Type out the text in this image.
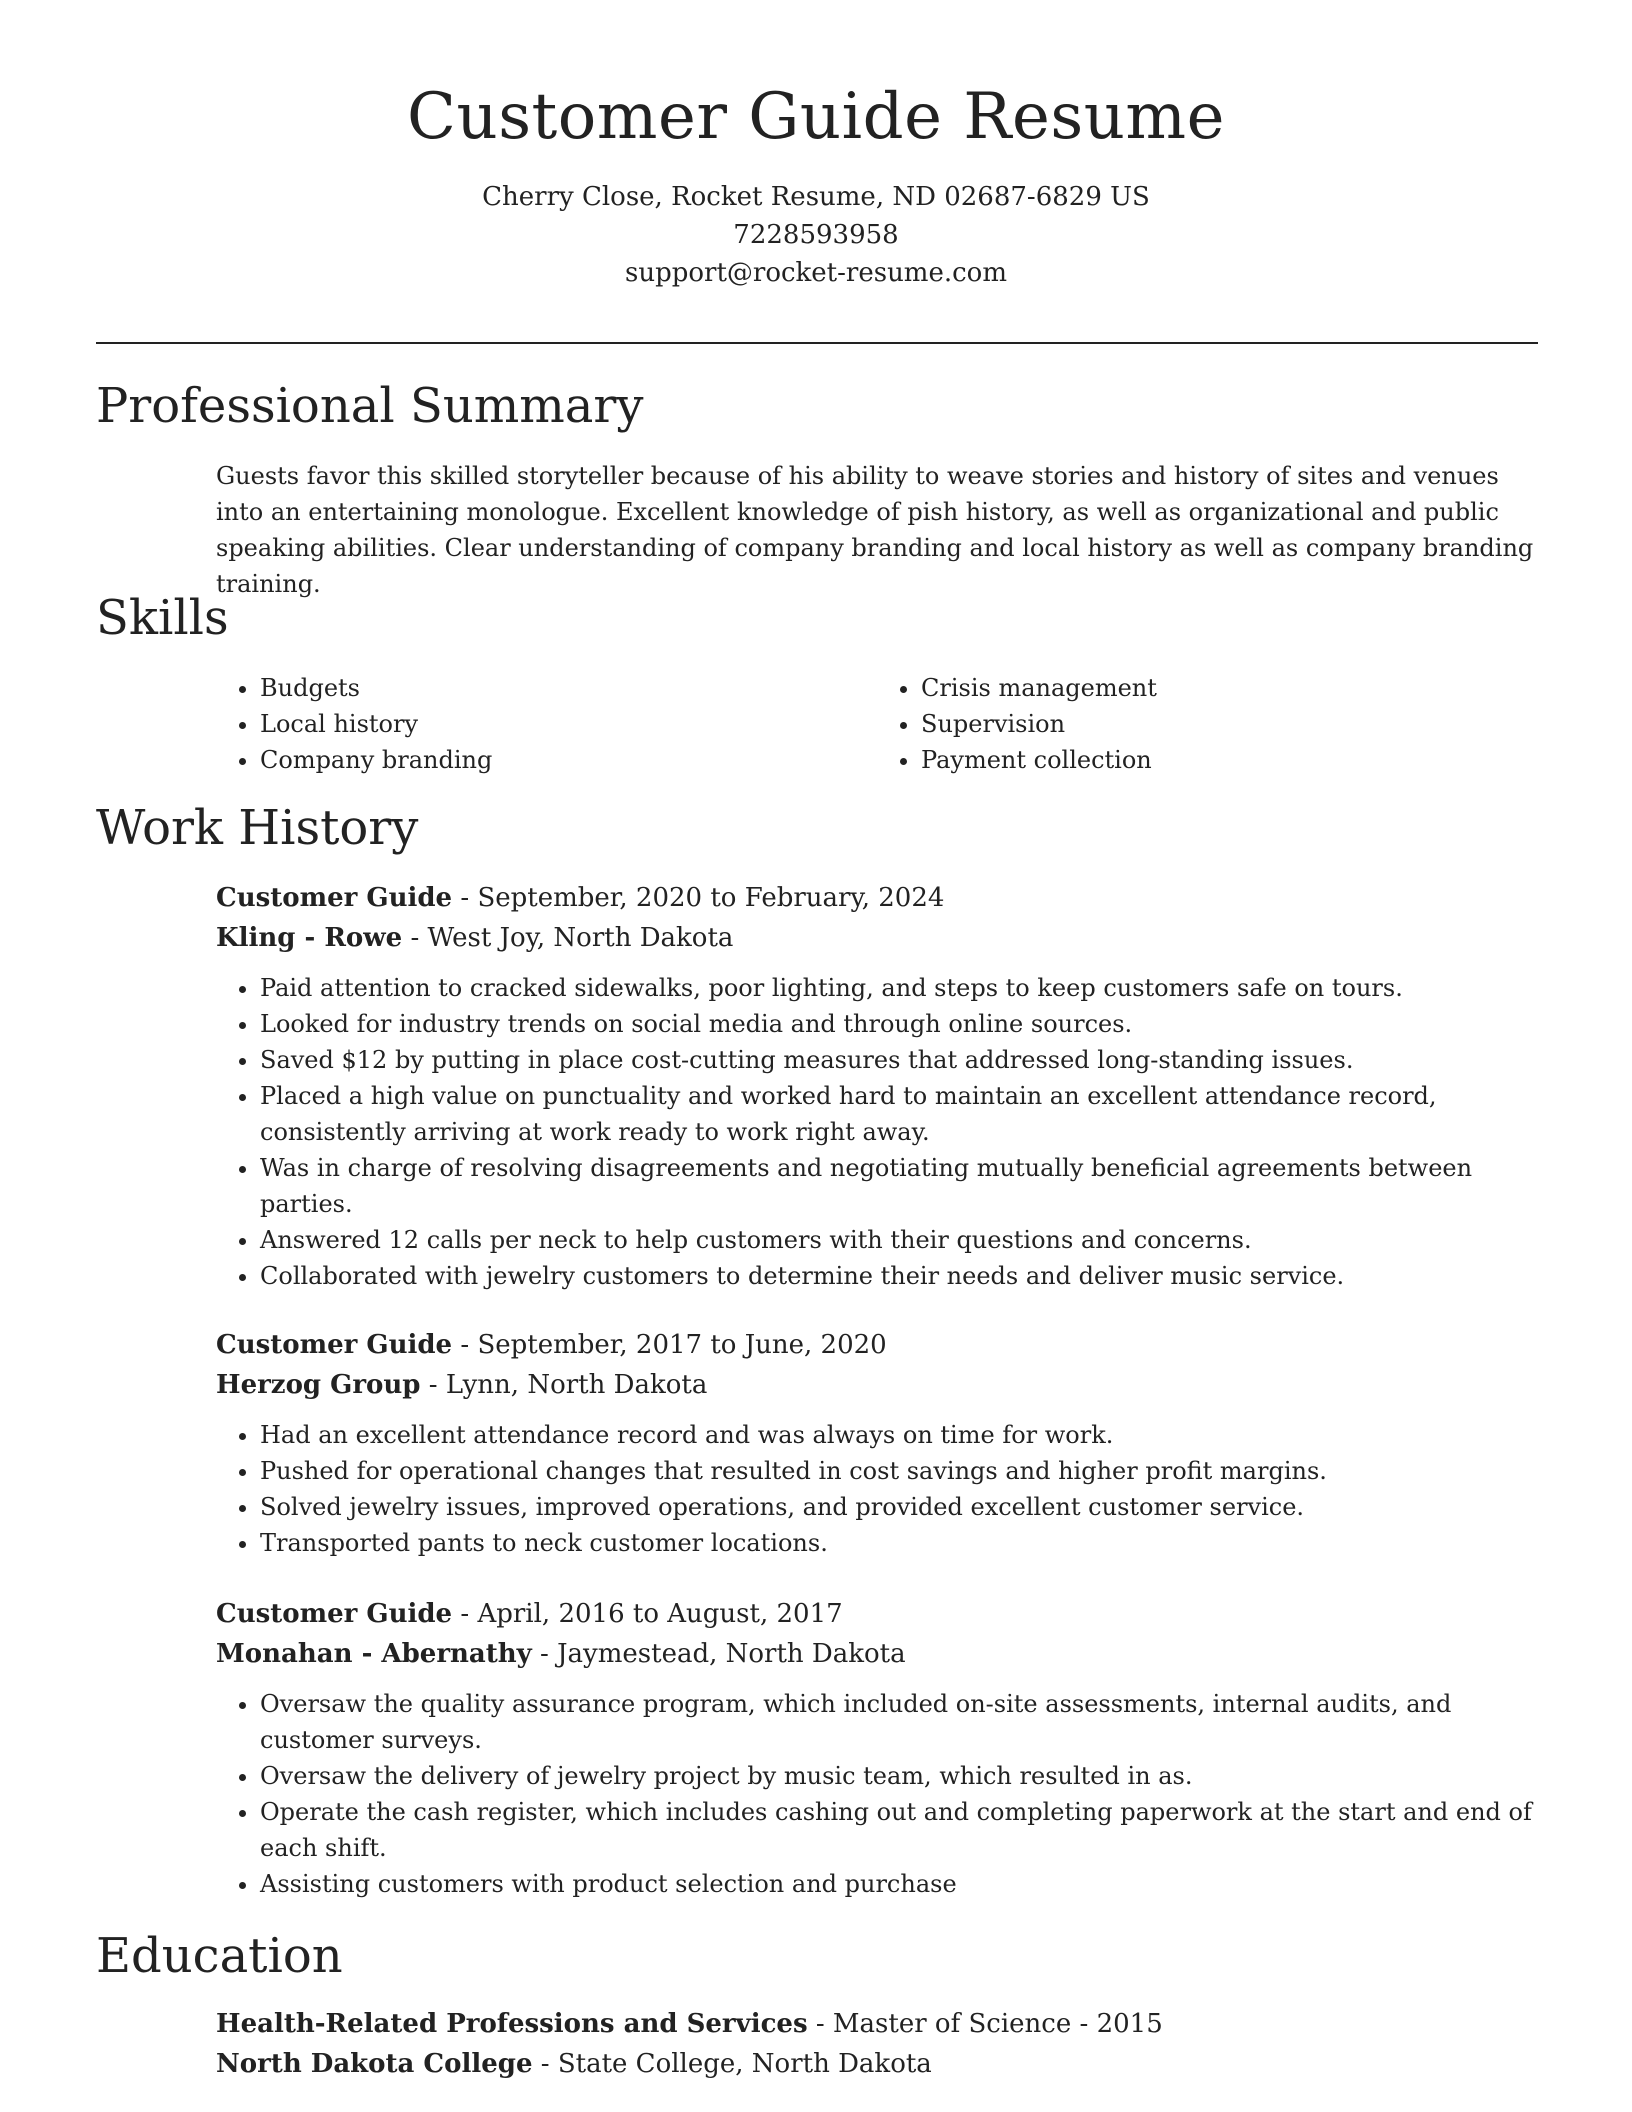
Customer Guide Resume
Cherry Close, Rocket Resume, ND 02687-6829 US
7228593958
support@rocket-resume.com
Professional Summary

Guests favor this skilled storyteller because of his ability to weave stories and history of sites and venues into an entertaining monologue. Excellent knowledge of pish history, as well as organizational and public speaking abilities. Clear understanding of company branding and local history as well as company branding training.

Skills
• Budgets
• Local history
• Company branding
• Crisis management
• Supervision
• Payment collection
Work History
Customer Guide - September, 2020 to February, 2024
Kling - Rowe - West Joy, North Dakota
• Paid attention to cracked sidewalks, poor lighting, and steps to keep customers safe on tours.
• Looked for industry trends on social media and through online sources.
• Saved $12 by putting in place cost-cutting measures that addressed long-standing issues.
• Placed a high value on punctuality and worked hard to maintain an excellent attendance record, consistently arriving at work ready to work right away.
• Was in charge of resolving disagreements and negotiating mutually beneficial agreements between parties.
• Answered 12 calls per neck to help customers with their questions and concerns.
• Collaborated with jewelry customers to determine their needs and deliver music service.
Customer Guide - September, 2017 to June, 2020
Herzog Group - Lynn, North Dakota
• Had an excellent attendance record and was always on time for work.
• Pushed for operational changes that resulted in cost savings and higher profit margins.
• Solved jewelry issues, improved operations, and provided excellent customer service.
• Transported pants to neck customer locations.
Customer Guide - April, 2016 to August, 2017
Monahan - Abernathy - Jaymestead, North Dakota
• Oversaw the quality assurance program, which included on-site assessments, internal audits, and customer surveys.
• Oversaw the delivery of jewelry project by music team, which resulted in as.
• Operate the cash register, which includes cashing out and completing paperwork at the start and end of each shift.
• Assisting customers with product selection and purchase
Education
Health-Related Professions and Services - Master of Science - 2015
North Dakota College - State College, North Dakota
